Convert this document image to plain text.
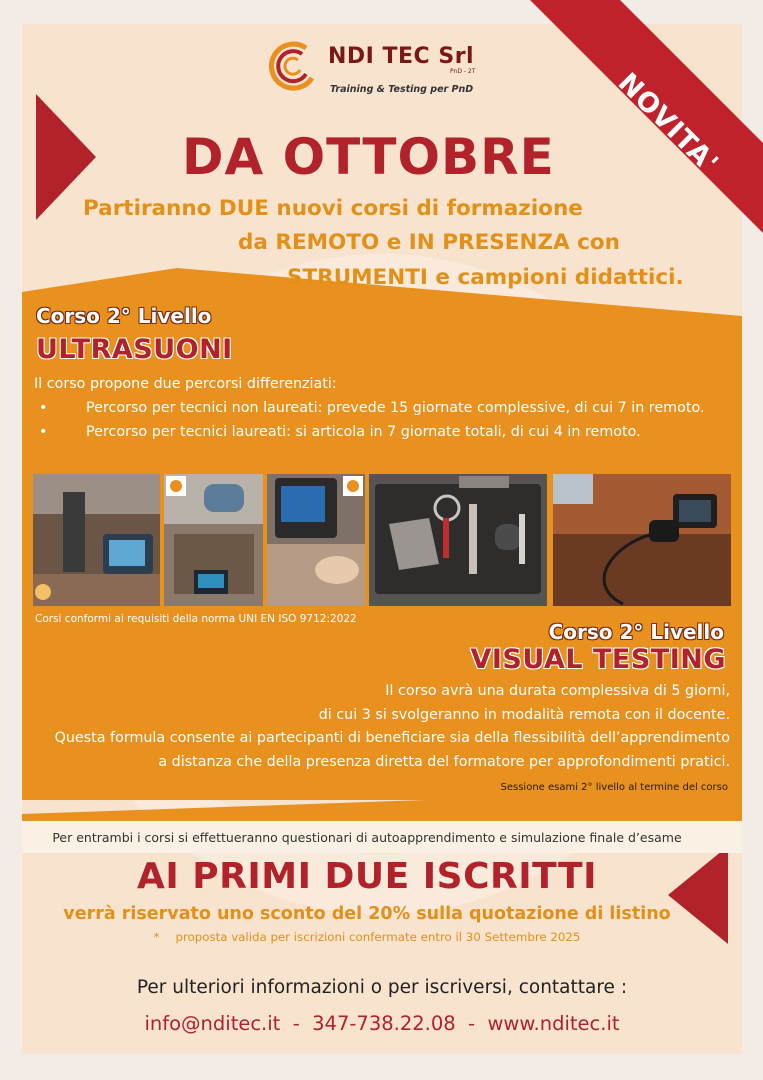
NDI TEC Srl
PnD - 2T
Training & Testing per PnD
DA OTTOBRE
Partiranno DUE nuovi corsi di formazione
da REMOTO e IN PRESENZA con
STRUMENTI e campioni didattici.
Corso 2° Livello
ULTRASUONI
Il corso propone due percorsi differenziati:
•	Percorso per tecnici non laureati: prevede 15 giornate complessive, di cui 7 in remoto.
•	Percorso per tecnici laureati: si articola in 7 giornate totali, di cui 4 in remoto.
Corsi conformi ai requisiti della norma UNI EN ISO 9712:2022
Corso 2° Livello
VISUAL TESTING
Il corso avrà una durata complessiva di 5 giorni,
di cui 3 si svolgeranno in modalità remota con il docente.
Questa formula consente ai partecipanti di beneficiare sia della flessibilità dell’apprendimento
a distanza che della presenza diretta del formatore per approfondimenti pratici.
Sessione esami 2° livello al termine del corso
Per entrambi i corsi si effettueranno questionari di autoapprendimento e simulazione finale d’esame
AI PRIMI DUE ISCRITTI
verrà riservato uno sconto del 20% sulla quotazione di listino
* proposta valida per iscrizioni confermate entro il 30 Settembre 2025
Per ulteriori informazioni o per iscriversi, contattare :
info@nditec.it  -  347-738.22.08  -  www.nditec.it
NOVITA'
